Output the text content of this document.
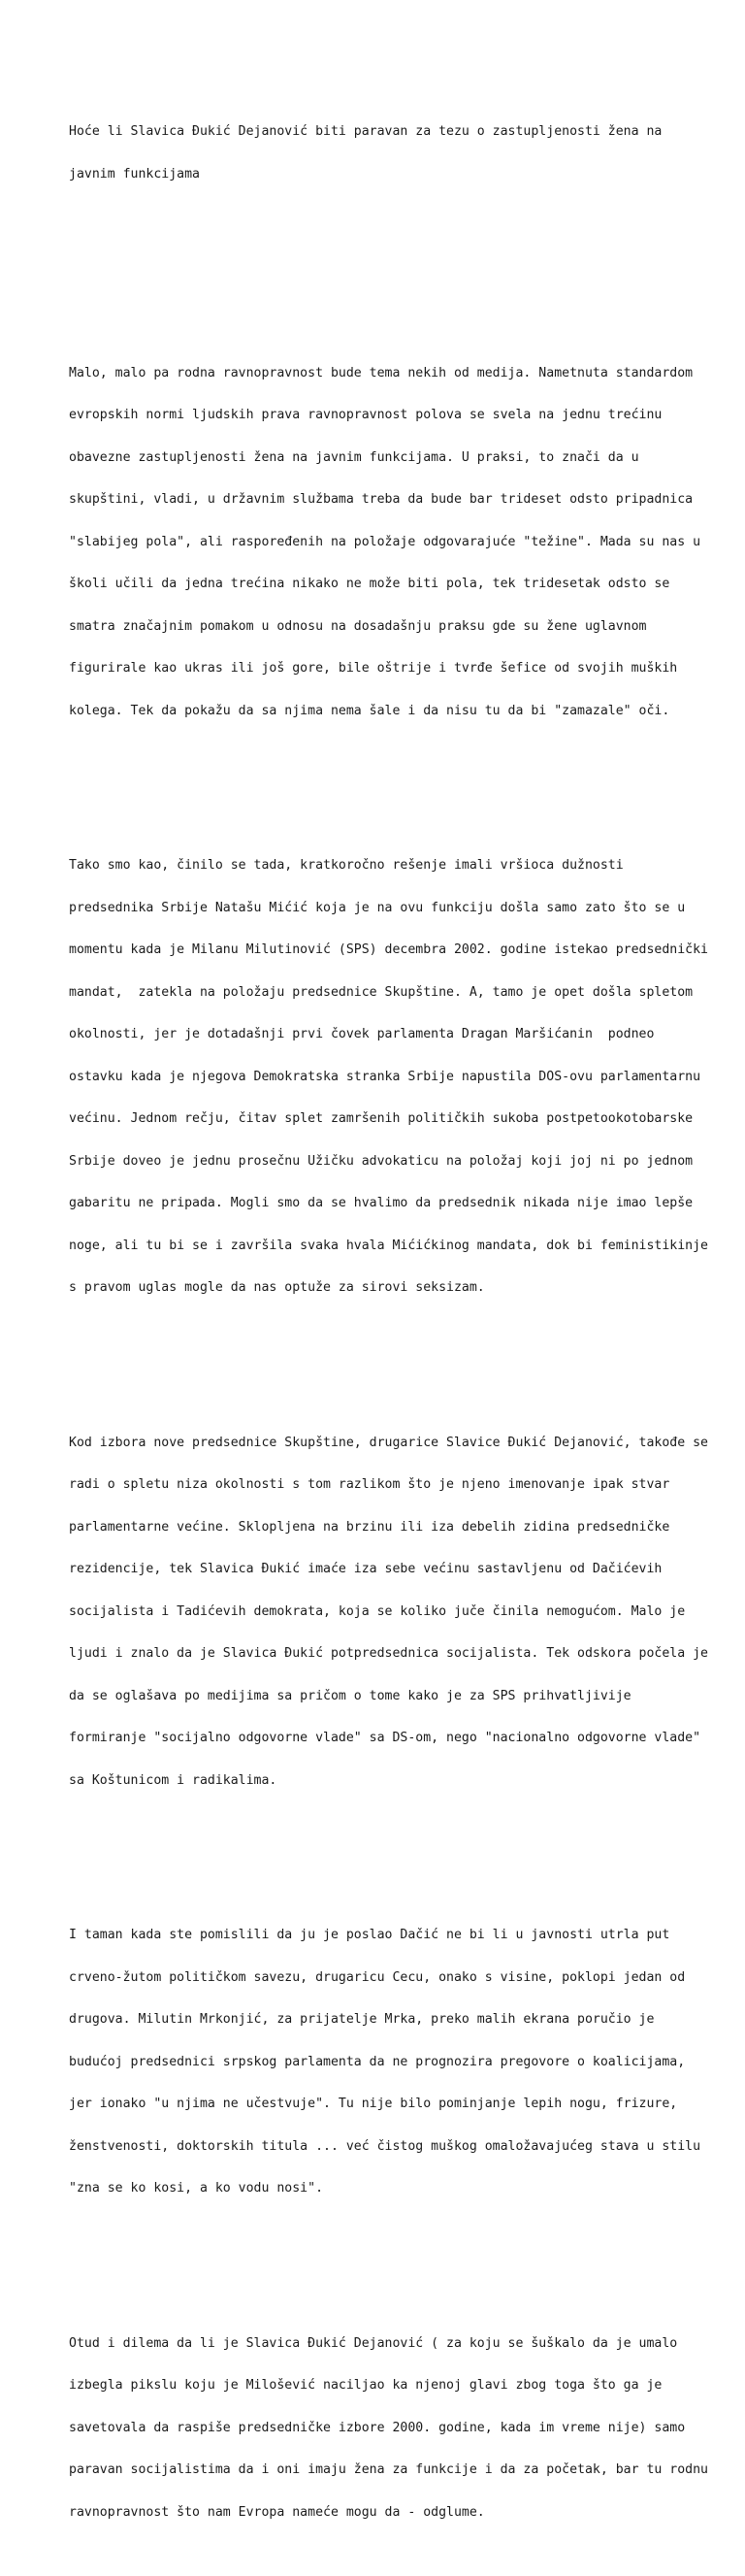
Hoće li Slavica Đukić Dejanović biti paravan za tezu o zastupljenosti žena na

javnim funkcijama

Malo, malo pa rodna ravnopravnost bude tema nekih od medija. Nametnuta standardom

evropskih normi ljudskih prava ravnopravnost polova se svela na jednu trećinu

obavezne zastupljenosti žena na javnim funkcijama. U praksi, to znači da u

skupštini, vladi, u državnim službama treba da bude bar trideset odsto pripadnica

"slabijeg pola", ali raspoređenih na položaje odgovarajuće "težine". Mada su nas u

školi učili da jedna trećina nikako ne može biti pola, tek tridesetak odsto se

smatra značajnim pomakom u odnosu na dosadašnju praksu gde su žene uglavnom

figurirale kao ukras ili još gore, bile oštrije i tvrđe šefice od svojih muških

kolega. Tek da pokažu da sa njima nema šale i da nisu tu da bi "zamazale" oči.

Tako smo kao, činilo se tada, kratkoročno rešenje imali vršioca dužnosti

predsednika Srbije Natašu Mićić koja je na ovu funkciju došla samo zato što se u

momentu kada je Milanu Milutinović (SPS) decembra 2002. godine istekao predsednički

mandat,  zatekla na položaju predsednice Skupštine. A, tamo je opet došla spletom

okolnosti, jer je dotadašnji prvi čovek parlamenta Dragan Maršićanin  podneo

ostavku kada je njegova Demokratska stranka Srbije napustila DOS-ovu parlamentarnu

većinu. Jednom rečju, čitav splet zamršenih političkih sukoba postpetookotobarske

Srbije doveo je jednu prosečnu Užičku advokaticu na položaj koji joj ni po jednom

gabaritu ne pripada. Mogli smo da se hvalimo da predsednik nikada nije imao lepše

noge, ali tu bi se i završila svaka hvala Mićićkinog mandata, dok bi feministikinje

s pravom uglas mogle da nas optuže za sirovi seksizam.

Kod izbora nove predsednice Skupštine, drugarice Slavice Đukić Dejanović, takođe se

radi o spletu niza okolnosti s tom razlikom što je njeno imenovanje ipak stvar

parlamentarne većine. Sklopljena na brzinu ili iza debelih zidina predsedničke

rezidencije, tek Slavica Đukić imaće iza sebe većinu sastavljenu od Dačićevih

socijalista i Tadićevih demokrata, koja se koliko juče činila nemogućom. Malo je

ljudi i znalo da je Slavica Đukić potpredsednica socijalista. Tek odskora počela je

da se oglašava po medijima sa pričom o tome kako je za SPS prihvatljivije

formiranje "socijalno odgovorne vlade" sa DS-om, nego "nacionalno odgovorne vlade"

sa Koštunicom i radikalima.

I taman kada ste pomislili da ju je poslao Dačić ne bi li u javnosti utrla put

crveno-žutom političkom savezu, drugaricu Cecu, onako s visine, poklopi jedan od

drugova. Milutin Mrkonjić, za prijatelje Mrka, preko malih ekrana poručio je

budućoj predsednici srpskog parlamenta da ne prognozira pregovore o koalicijama,

jer ionako "u njima ne učestvuje". Tu nije bilo pominjanje lepih nogu, frizure,

ženstvenosti, doktorskih titula ... već čistog muškog omaložavajućeg stava u stilu

"zna se ko kosi, a ko vodu nosi".

Otud i dilema da li je Slavica Đukić Dejanović ( za koju se šuškalo da je umalo

izbegla pikslu koju je Milošević naciljao ka njenoj glavi zbog toga što ga je

savetovala da raspiše predsedničke izbore 2000. godine, kada im vreme nije) samo

paravan socijalistima da i oni imaju žena za funkcije i da za početak, bar tu rodnu

ravnopravnost što nam Evropa nameće mogu da - odglume.
